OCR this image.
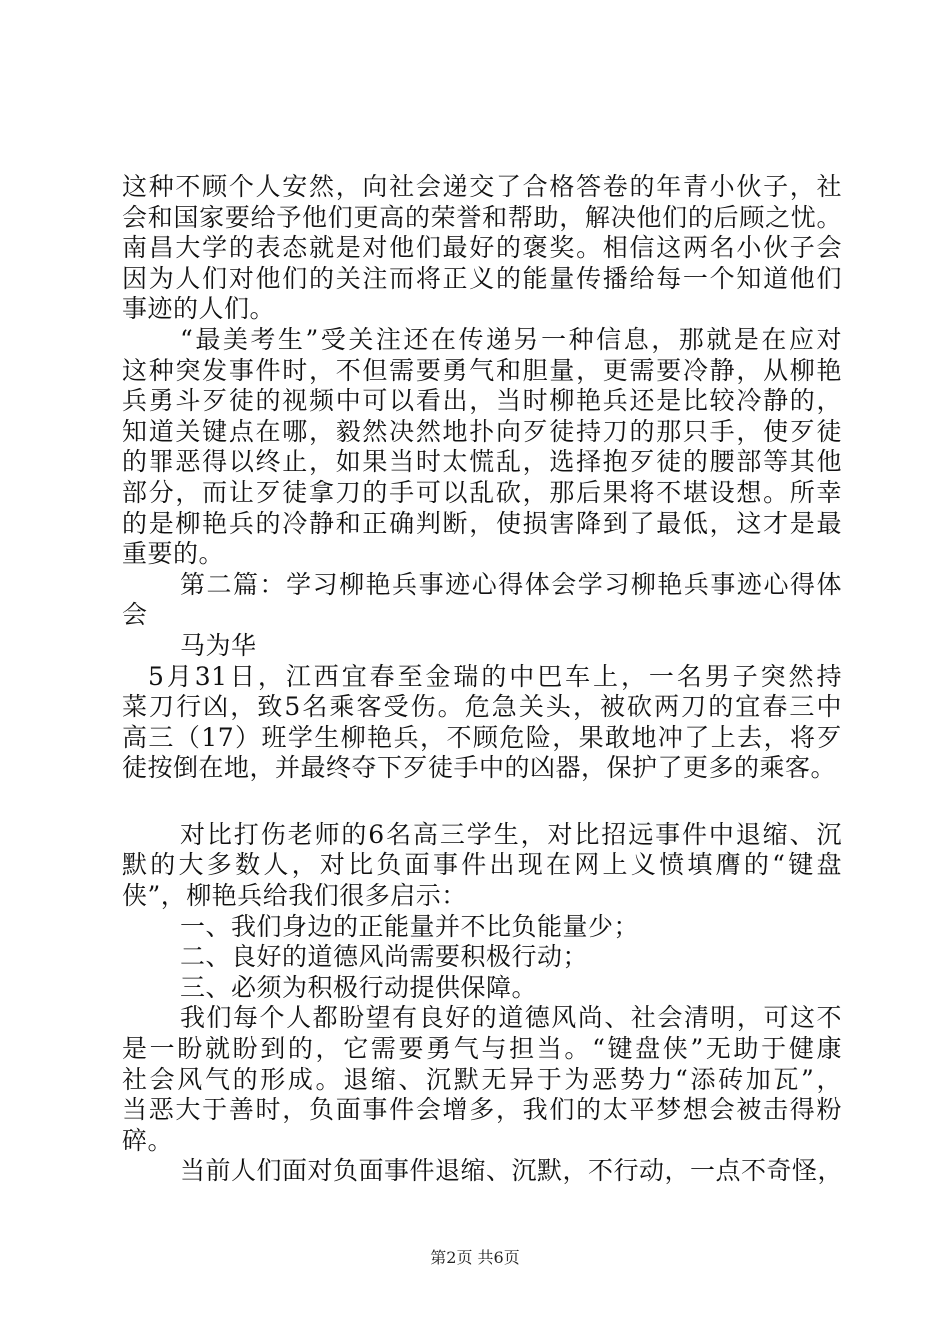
这种不顾个人安然，向社会递交了合格答卷的年青小伙子，社
会和国家要给予他们更高的荣誉和帮助，解决他们的后顾之忧。
南昌大学的表态就是对他们最好的褒奖。相信这两名小伙子会
因为人们对他们的关注而将正义的能量传播给每一个知道他们
事迹的人们。
“最美考生”受关注还在传递另一种信息，那就是在应对
这种突发事件时，不但需要勇气和胆量，更需要冷静，从柳艳
兵勇斗歹徒的视频中可以看出，当时柳艳兵还是比较冷静的，
知道关键点在哪，毅然决然地扑向歹徒持刀的那只手，使歹徒
的罪恶得以终止，如果当时太慌乱，选择抱歹徒的腰部等其他
部分，而让歹徒拿刀的手可以乱砍，那后果将不堪设想。所幸
的是柳艳兵的冷静和正确判断，使损害降到了最低，这才是最
重要的。
第二篇：学习柳艳兵事迹心得体会学习柳艳兵事迹心得体
会
马为华
5月31日，江西宜春至金瑞的中巴车上，一名男子突然持
菜刀行凶，致5名乘客受伤。危急关头，被砍两刀的宜春三中
高三（17）班学生柳艳兵，不顾危险，果敢地冲了上去，将歹
徒按倒在地，并最终夺下歹徒手中的凶器，保护了更多的乘客。
对比打伤老师的6名高三学生，对比招远事件中退缩、沉
默的大多数人，对比负面事件出现在网上义愤填膺的“键盘
侠”，柳艳兵给我们很多启示：
一、我们身边的正能量并不比负能量少；
二、良好的道德风尚需要积极行动；
三、必须为积极行动提供保障。
我们每个人都盼望有良好的道德风尚、社会清明，可这不
是一盼就盼到的，它需要勇气与担当。“键盘侠”无助于健康
社会风气的形成。退缩、沉默无异于为恶势力“添砖加瓦”，
当恶大于善时，负面事件会增多，我们的太平梦想会被击得粉
碎。
当前人们面对负面事件退缩、沉默，不行动，一点不奇怪，
第2页 共6页
